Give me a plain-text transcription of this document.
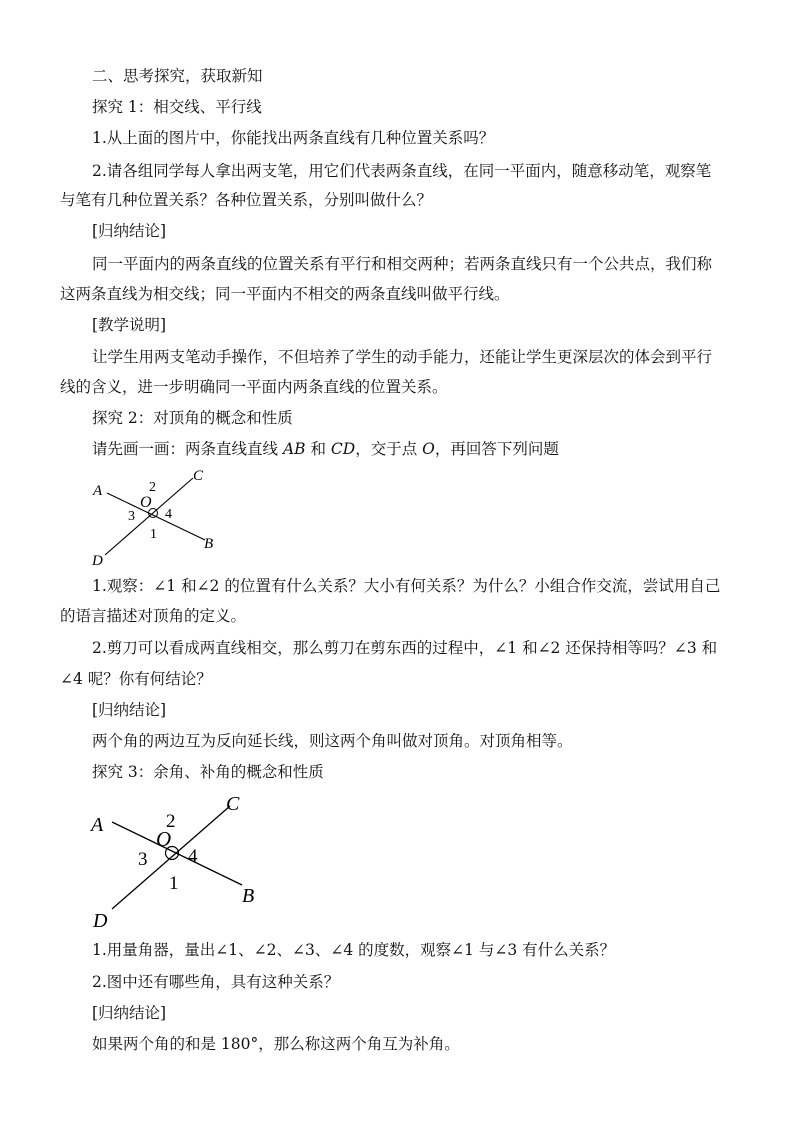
二、思考探究，获取新知
探究 1：相交线、平行线
1.从上面的图片中，你能找出两条直线有几种位置关系吗？
2.请各组同学每人拿出两支笔，用它们代表两条直线，在同一平面内，随意移动笔，观察笔
与笔有几种位置关系？各种位置关系，分别叫做什么？
[归纳结论]
同一平面内的两条直线的位置关系有平行和相交两种；若两条直线只有一个公共点，我们称
这两条直线为相交线；同一平面内不相交的两条直线叫做平行线。
[教学说明]
让学生用两支笔动手操作，不但培养了学生的动手能力，还能让学生更深层次的体会到平行
线的含义，进一步明确同一平面内两条直线的位置关系。
探究 2：对顶角的概念和性质
请先画一画：两条直线直线 AB 和 CD，交于点 O，再回答下列问题
A
B
C
D
O
2
3 4
1
1.观察：∠1 和∠2 的位置有什么关系？大小有何关系？为什么？小组合作交流，尝试用自己
的语言描述对顶角的定义。
2.剪刀可以看成两直线相交，那么剪刀在剪东西的过程中，∠1 和∠2 还保持相等吗？∠3 和
∠4 呢？你有何结论？
[归纳结论]
两个角的两边互为反向延长线，则这两个角叫做对顶角。对顶角相等。
探究 3：余角、补角的概念和性质
A
B
C
D
O
2
3 4
1
1.用量角器，量出∠1、∠2、∠3、∠4 的度数，观察∠1 与∠3 有什么关系？
2.图中还有哪些角，具有这种关系？
[归纳结论]
如果两个角的和是 180°，那么称这两个角互为补角。
